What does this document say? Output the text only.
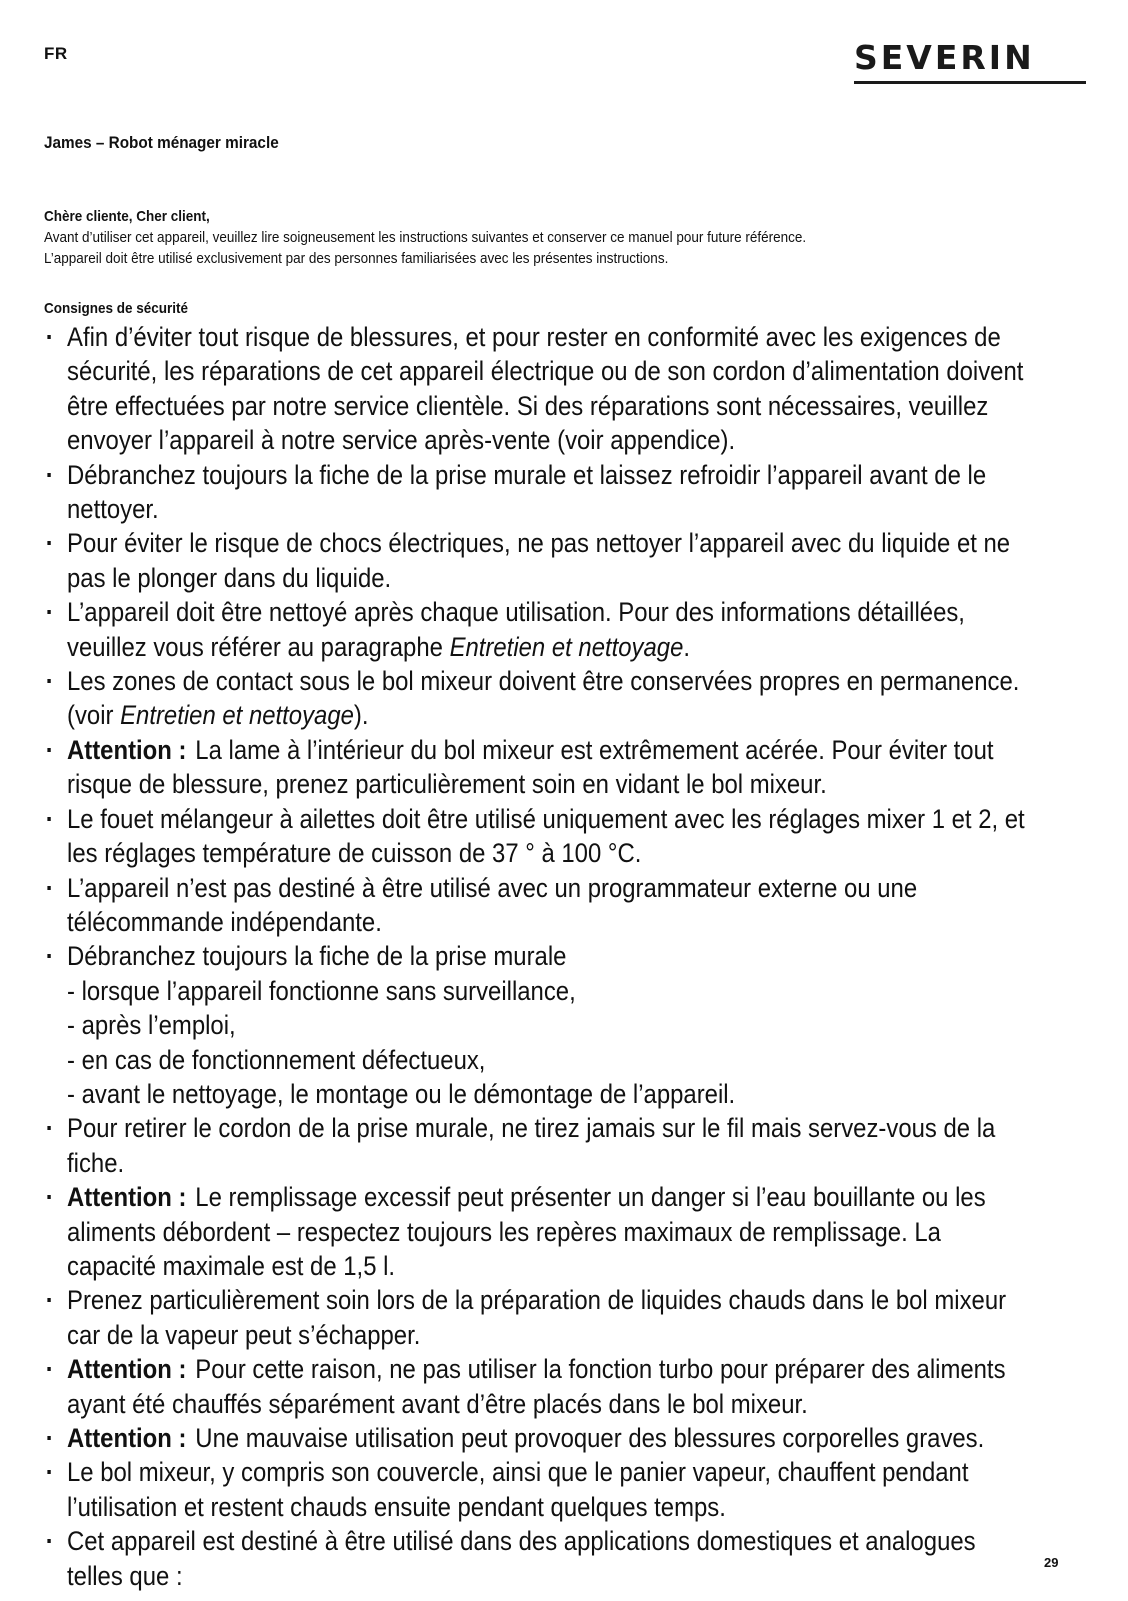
FR	SEVERIN
James – Robot ménager miracle
Chère cliente, Cher client,
Avant d’utiliser cet appareil, veuillez lire soigneusement les instructions suivantes et conserver ce manuel pour future référence.
L’appareil doit être utilisé exclusivement par des personnes familiarisées avec les présentes instructions.
Consignes de sécurité
· Afin d’éviter tout risque de blessures, et pour rester en conformité avec les exigences de sécurité, les réparations de cet appareil électrique ou de son cordon d’alimentation doivent être effectuées par notre service clientèle. Si des réparations sont nécessaires, veuillez envoyer l’appareil à notre service après-vente (voir appendice).
· Débranchez toujours la fiche de la prise murale et laissez refroidir l’appareil avant de le nettoyer.
· Pour éviter le risque de chocs électriques, ne pas nettoyer l’appareil avec du liquide et ne pas le plonger dans du liquide.
· L’appareil doit être nettoyé après chaque utilisation. Pour des informations détaillées, veuillez vous référer au paragraphe Entretien et nettoyage.
· Les zones de contact sous le bol mixeur doivent être conservées propres en permanence. (voir Entretien et nettoyage).
· Attention : La lame à l’intérieur du bol mixeur est extrêmement acérée. Pour éviter tout risque de blessure, prenez particulièrement soin en vidant le bol mixeur.
· Le fouet mélangeur à ailettes doit être utilisé uniquement avec les réglages mixer 1 et 2, et les réglages température de cuisson de 37 ° à 100 °C.
· L’appareil n’est pas destiné à être utilisé avec un programmateur externe ou une télécommande indépendante.
· Débranchez toujours la fiche de la prise murale
- lorsque l’appareil fonctionne sans surveillance,
- après l’emploi,
- en cas de fonctionnement défectueux,
- avant le nettoyage, le montage ou le démontage de l’appareil.
· Pour retirer le cordon de la prise murale, ne tirez jamais sur le fil mais servez-vous de la fiche.
· Attention : Le remplissage excessif peut présenter un danger si l’eau bouillante ou les aliments débordent – respectez toujours les repères maximaux de remplissage. La capacité maximale est de 1,5 l.
· Prenez particulièrement soin lors de la préparation de liquides chauds dans le bol mixeur car de la vapeur peut s’échapper.
· Attention : Pour cette raison, ne pas utiliser la fonction turbo pour préparer des aliments ayant été chauffés séparément avant d’être placés dans le bol mixeur.
· Attention : Une mauvaise utilisation peut provoquer des blessures corporelles graves.
· Le bol mixeur, y compris son couvercle, ainsi que le panier vapeur, chauffent pendant l’utilisation et restent chauds ensuite pendant quelques temps.
· Cet appareil est destiné à être utilisé dans des applications domestiques et analogues telles que :	29
